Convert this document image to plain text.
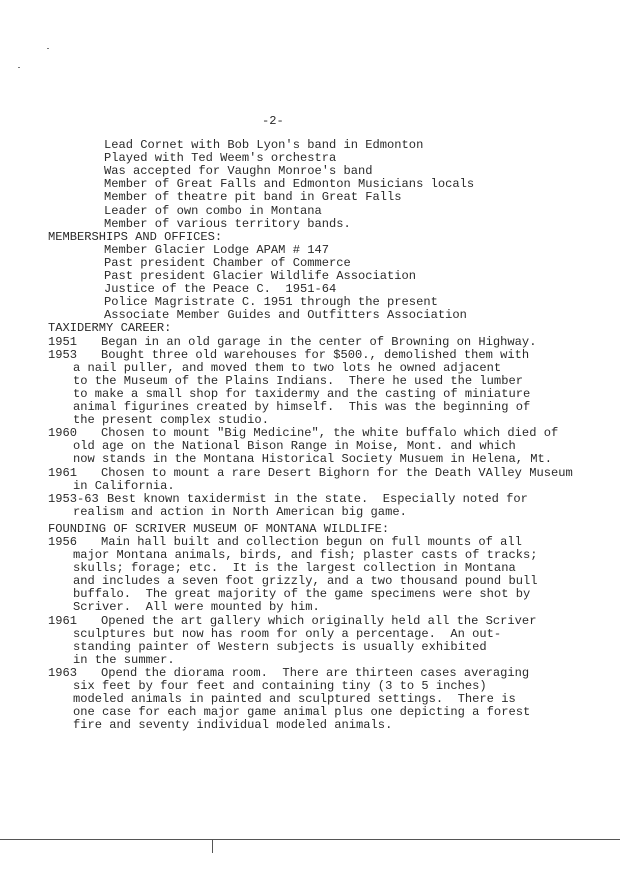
-2-
Lead Cornet with Bob Lyon's band in Edmonton
Played with Ted Weem's orchestra
Was accepted for Vaughn Monroe's band
Member of Great Falls and Edmonton Musicians locals
Member of theatre pit band in Great Falls
Leader of own combo in Montana
Member of various territory bands.
MEMBERSHIPS AND OFFICES:
Member Glacier Lodge APAM # 147
Past president Chamber of Commerce
Past president Glacier Wildlife Association
Justice of the Peace C.  1951-64
Police Magristrate C. 1951 through the present
Associate Member Guides and Outfitters Association
TAXIDERMY CAREER:
1951 Began in an old garage in the center of Browning on Highway.
1953 Bought three old warehouses for $500., demolished them with
a nail puller, and moved them to two lots he owned adjacent
to the Museum of the Plains Indians.  There he used the lumber
to make a small shop for taxidermy and the casting of miniature
animal figurines created by himself.  This was the beginning of
the present complex studio.
1960 Chosen to mount "Big Medicine", the white buffalo which died of
old age on the National Bison Range in Moise, Mont. and which
now stands in the Montana Historical Society Musuem in Helena, Mt.
1961 Chosen to mount a rare Desert Bighorn for the Death VAlley Museum
in California.
1953-63 Best known taxidermist in the state.  Especially noted for
realism and action in North American big game.
FOUNDING OF SCRIVER MUSEUM OF MONTANA WILDLIFE:
1956 Main hall built and collection begun on full mounts of all
major Montana animals, birds, and fish; plaster casts of tracks;
skulls; forage; etc.  It is the largest collection in Montana
and includes a seven foot grizzly, and a two thousand pound bull
buffalo.  The great majority of the game specimens were shot by
Scriver.  All were mounted by him.
1961 Opened the art gallery which originally held all the Scriver
sculptures but now has room for only a percentage.  An out-
standing painter of Western subjects is usually exhibited
in the summer.
1963 Opend the diorama room.  There are thirteen cases averaging
six feet by four feet and containing tiny (3 to 5 inches)
modeled animals in painted and sculptured settings.  There is
one case for each major game animal plus one depicting a forest
fire and seventy individual modeled animals.
